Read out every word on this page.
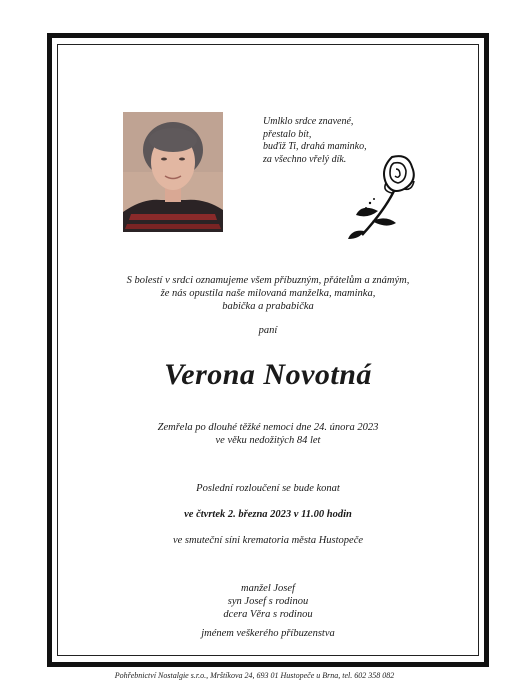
Umlklo srdce znavené,
přestalo bít,
buďiž Ti, drahá maminko,
za všechno vřelý dík.
S bolestí v srdci oznamujeme všem příbuzným, přátelům a známým,
že nás opustila naše milovaná manželka, maminka,
babička a prababička
paní
Verona Novotná
Zemřela po dlouhé těžké nemoci dne 24. února 2023
ve věku nedožitých 84 let
Poslední rozloučení se bude konat
ve čtvrtek 2. března 2023 v 11.00 hodin
ve smuteční síni krematoria města Hustopeče
manžel Josef
syn Josef s rodinou
dcera Věra s rodinou
jménem veškerého příbuzenstva
Pohřebnictví Nostalgie s.r.o., Mrštíkova 24, 693 01 Hustopeče u Brna, tel. 602 358 082
